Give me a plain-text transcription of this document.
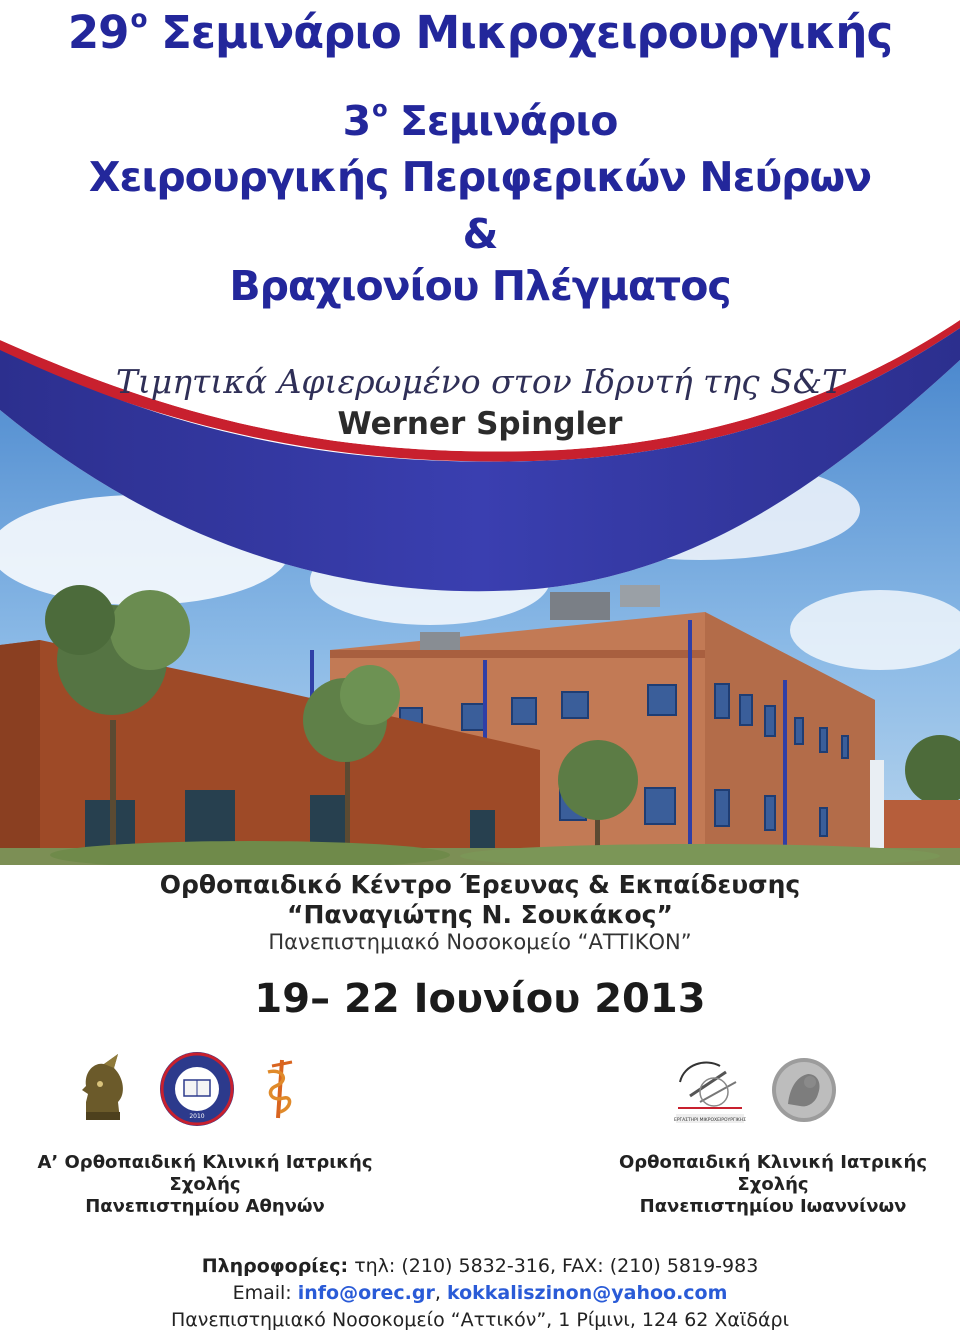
$29^o$ Σεμινάριο Μικροχειρουργικής
$3^o$ Σεμινάριο
Χειρουργικής Περιφερικών Νεύρων
&
Βραχιονίου Πλέγματος
Τιμητικά Αφιερωμένο στον Ιδρυτή της S&T
Werner Spingler
Ορθοπαιδικό Κέντρο Έρευνας & Εκπαίδευσης
“Παναγιώτης Ν. Σουκάκος”
Πανεπιστημιακό Νοσοκομείο “ΑΤΤΙΚΟΝ”
19– 22 Ιουνίου 2013
2010
ΕΡΓΑΣΤΗΡΙ ΜΙΚΡΟΧΕΙΡΟΥΡΓΙΚΗΣ
Α’ Ορθοπαιδική Κλινική Ιατρικής Σχολής
Πανεπιστημίου Αθηνών
Ορθοπαιδική Κλινική Ιατρικής Σχολής
Πανεπιστημίου Ιωαννίνων
Πληροφορίες: τηλ: (210) 5832-316, FAX: (210) 5819-983
Email: info@orec.gr, kokkaliszinon@yahoo.com
Πανεπιστημιακό Νοσοκομείο “Αττικόν”, 1 Ρίμινι, 124 62 Χαϊδάρι
